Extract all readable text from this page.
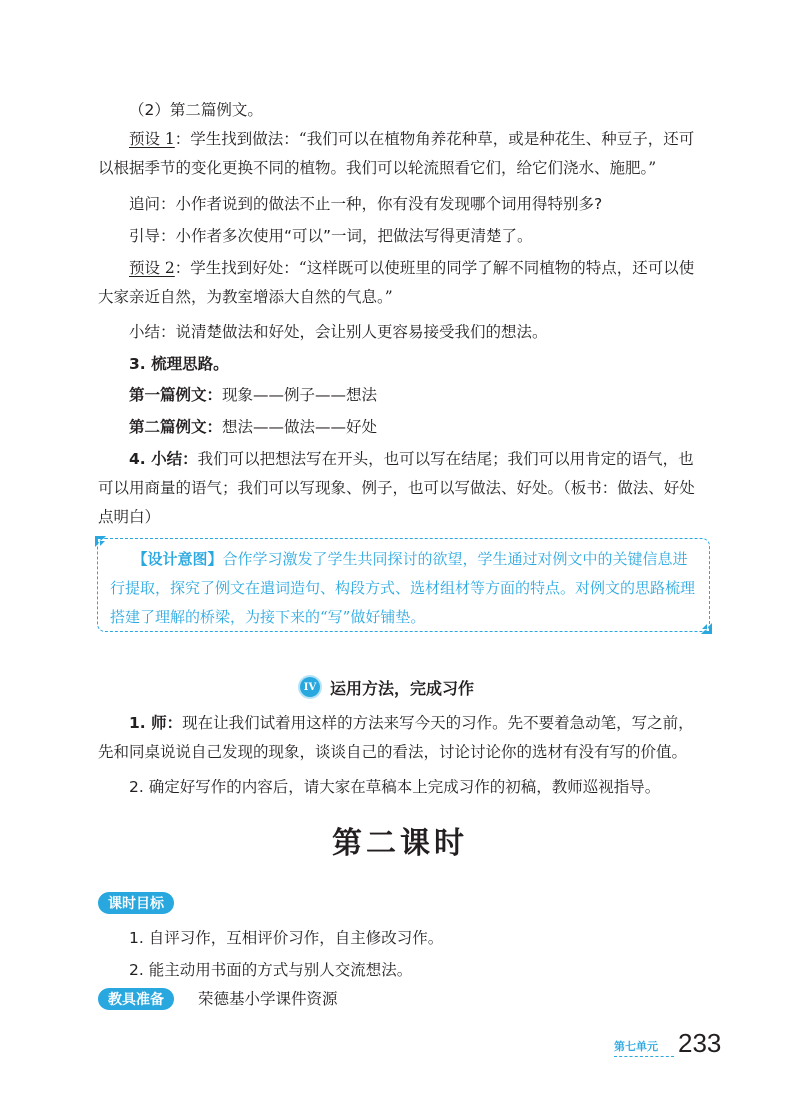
（2）第二篇例文。

预设 1：学生找到做法：“我们可以在植物角养花种草，或是种花生、种豆子，还可以根据季节的变化更换不同的植物。我们可以轮流照看它们，给它们浇水、施肥。”

追问：小作者说到的做法不止一种，你有没有发现哪个词用得特别多?

引导：小作者多次使用“可以”一词，把做法写得更清楚了。

预设 2：学生找到好处：“这样既可以使班里的同学了解不同植物的特点，还可以使大家亲近自然，为教室增添大自然的气息。”

小结：说清楚做法和好处，会让别人更容易接受我们的想法。

3. 梳理思路。

第一篇例文：现象——例子——想法

第二篇例文：想法——做法——好处

4. 小结：我们可以把想法写在开头，也可以写在结尾；我们可以用肯定的语气，也可以用商量的语气；我们可以写现象、例子，也可以写做法、好处。（板书：做法、好处点明白）

【设计意图】合作学习激发了学生共同探讨的欲望，学生通过对例文中的关键信息进行提取，探究了例文在遣词造句、构段方式、选材组材等方面的特点。对例文的思路梳理搭建了理解的桥梁，为接下来的“写”做好铺垫。

IV 运用方法，完成习作

1. 师：现在让我们试着用这样的方法来写今天的习作。先不要着急动笔，写之前，先和同桌说说自己发现的现象，谈谈自己的看法，讨论讨论你的选材有没有写的价值。

2. 确定好写作的内容后，请大家在草稿本上完成习作的初稿，教师巡视指导。

第二课时
课时目标

1. 自评习作，互相评价习作，自主修改习作。

2. 能主动用书面的方式与别人交流想法。

教具准备	荣德基小学课件资源
第七单元 233
